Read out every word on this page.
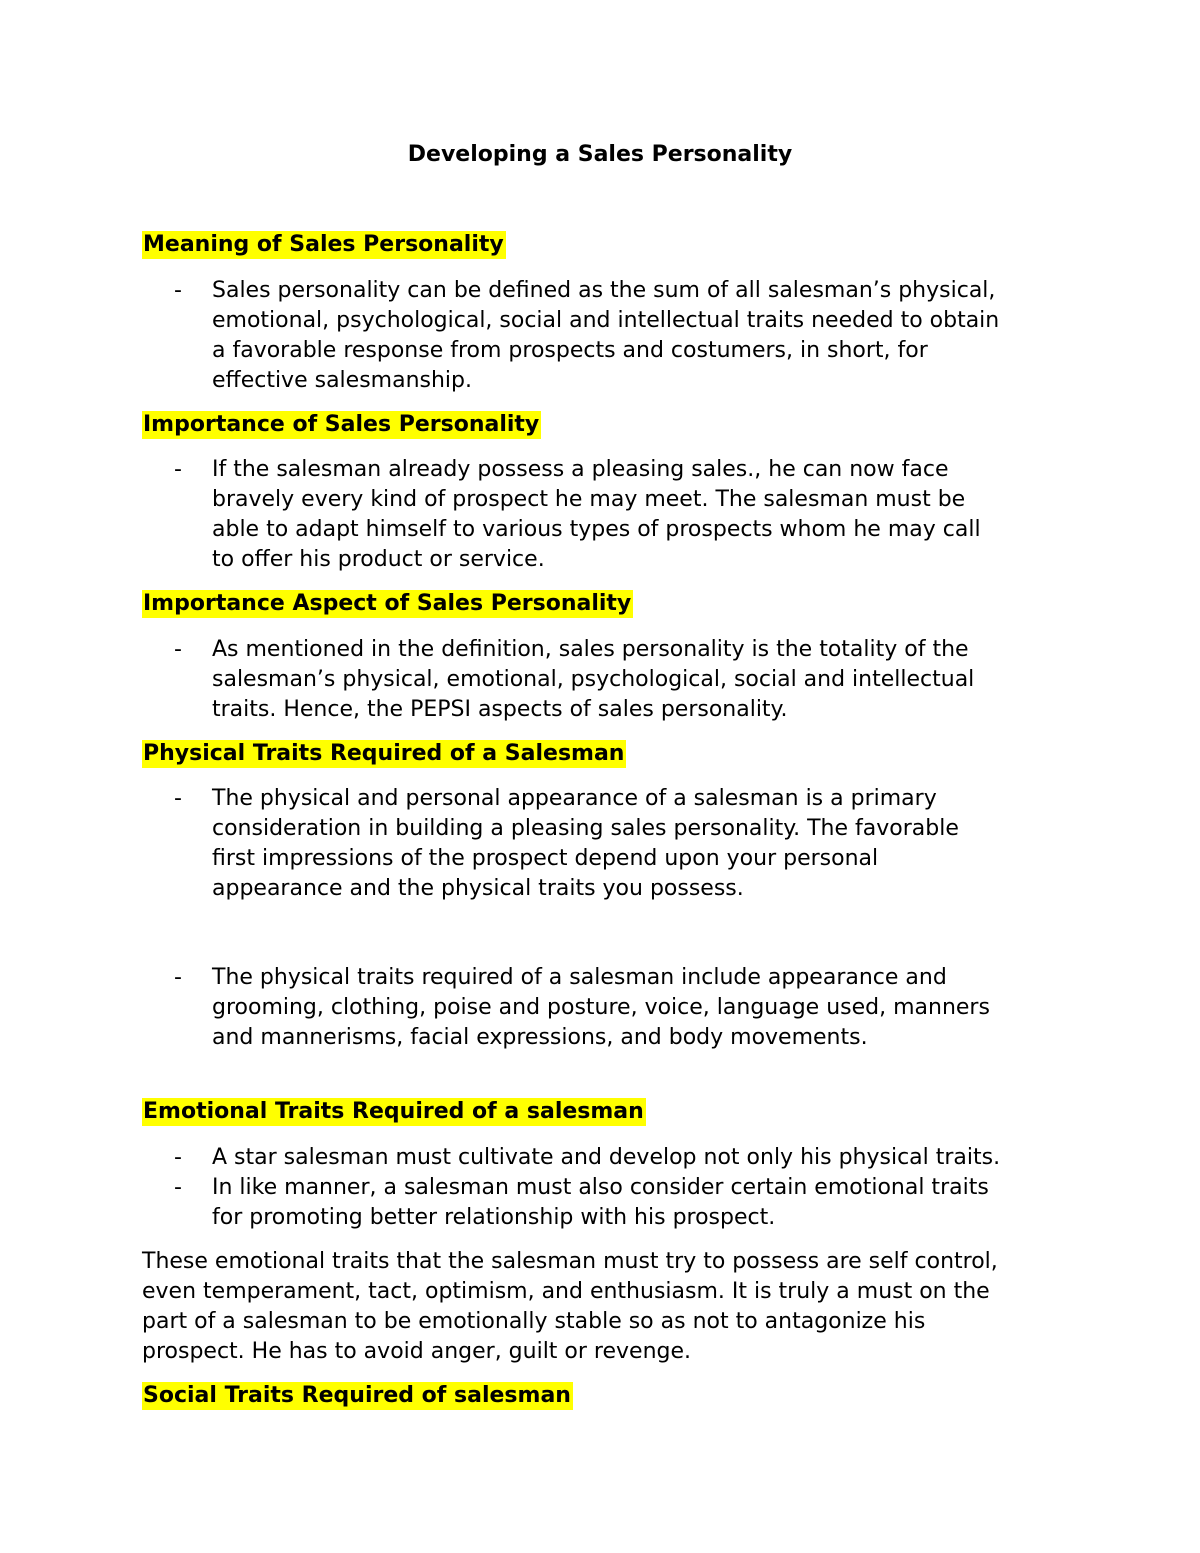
Developing a Sales Personality
Meaning of Sales Personality
-	Sales personality can be defined as the sum of all salesman’s physical,
emotional, psychological, social and intellectual traits needed to obtain
a favorable response from prospects and costumers, in short, for
effective salesmanship.
Importance of Sales Personality
-	If the salesman already possess a pleasing sales., he can now face
bravely every kind of prospect he may meet. The salesman must be
able to adapt himself to various types of prospects whom he may call
to offer his product or service.
Importance Aspect of Sales Personality
-	As mentioned in the definition, sales personality is the totality of the
salesman’s physical, emotional, psychological, social and intellectual
traits. Hence, the PEPSI aspects of sales personality.
Physical Traits Required of a Salesman
-	The physical and personal appearance of a salesman is a primary
consideration in building a pleasing sales personality. The favorable
first impressions of the prospect depend upon your personal
appearance and the physical traits you possess.
-	The physical traits required of a salesman include appearance and
grooming, clothing, poise and posture, voice, language used, manners
and mannerisms, facial expressions, and body movements.
Emotional Traits Required of a salesman
-	A star salesman must cultivate and develop not only his physical traits.
-	In like manner, a salesman must also consider certain emotional traits
for promoting better relationship with his prospect.
These emotional traits that the salesman must try to possess are self control,
even temperament, tact, optimism, and enthusiasm. It is truly a must on the
part of a salesman to be emotionally stable so as not to antagonize his
prospect. He has to avoid anger, guilt or revenge.
Social Traits Required of salesman
